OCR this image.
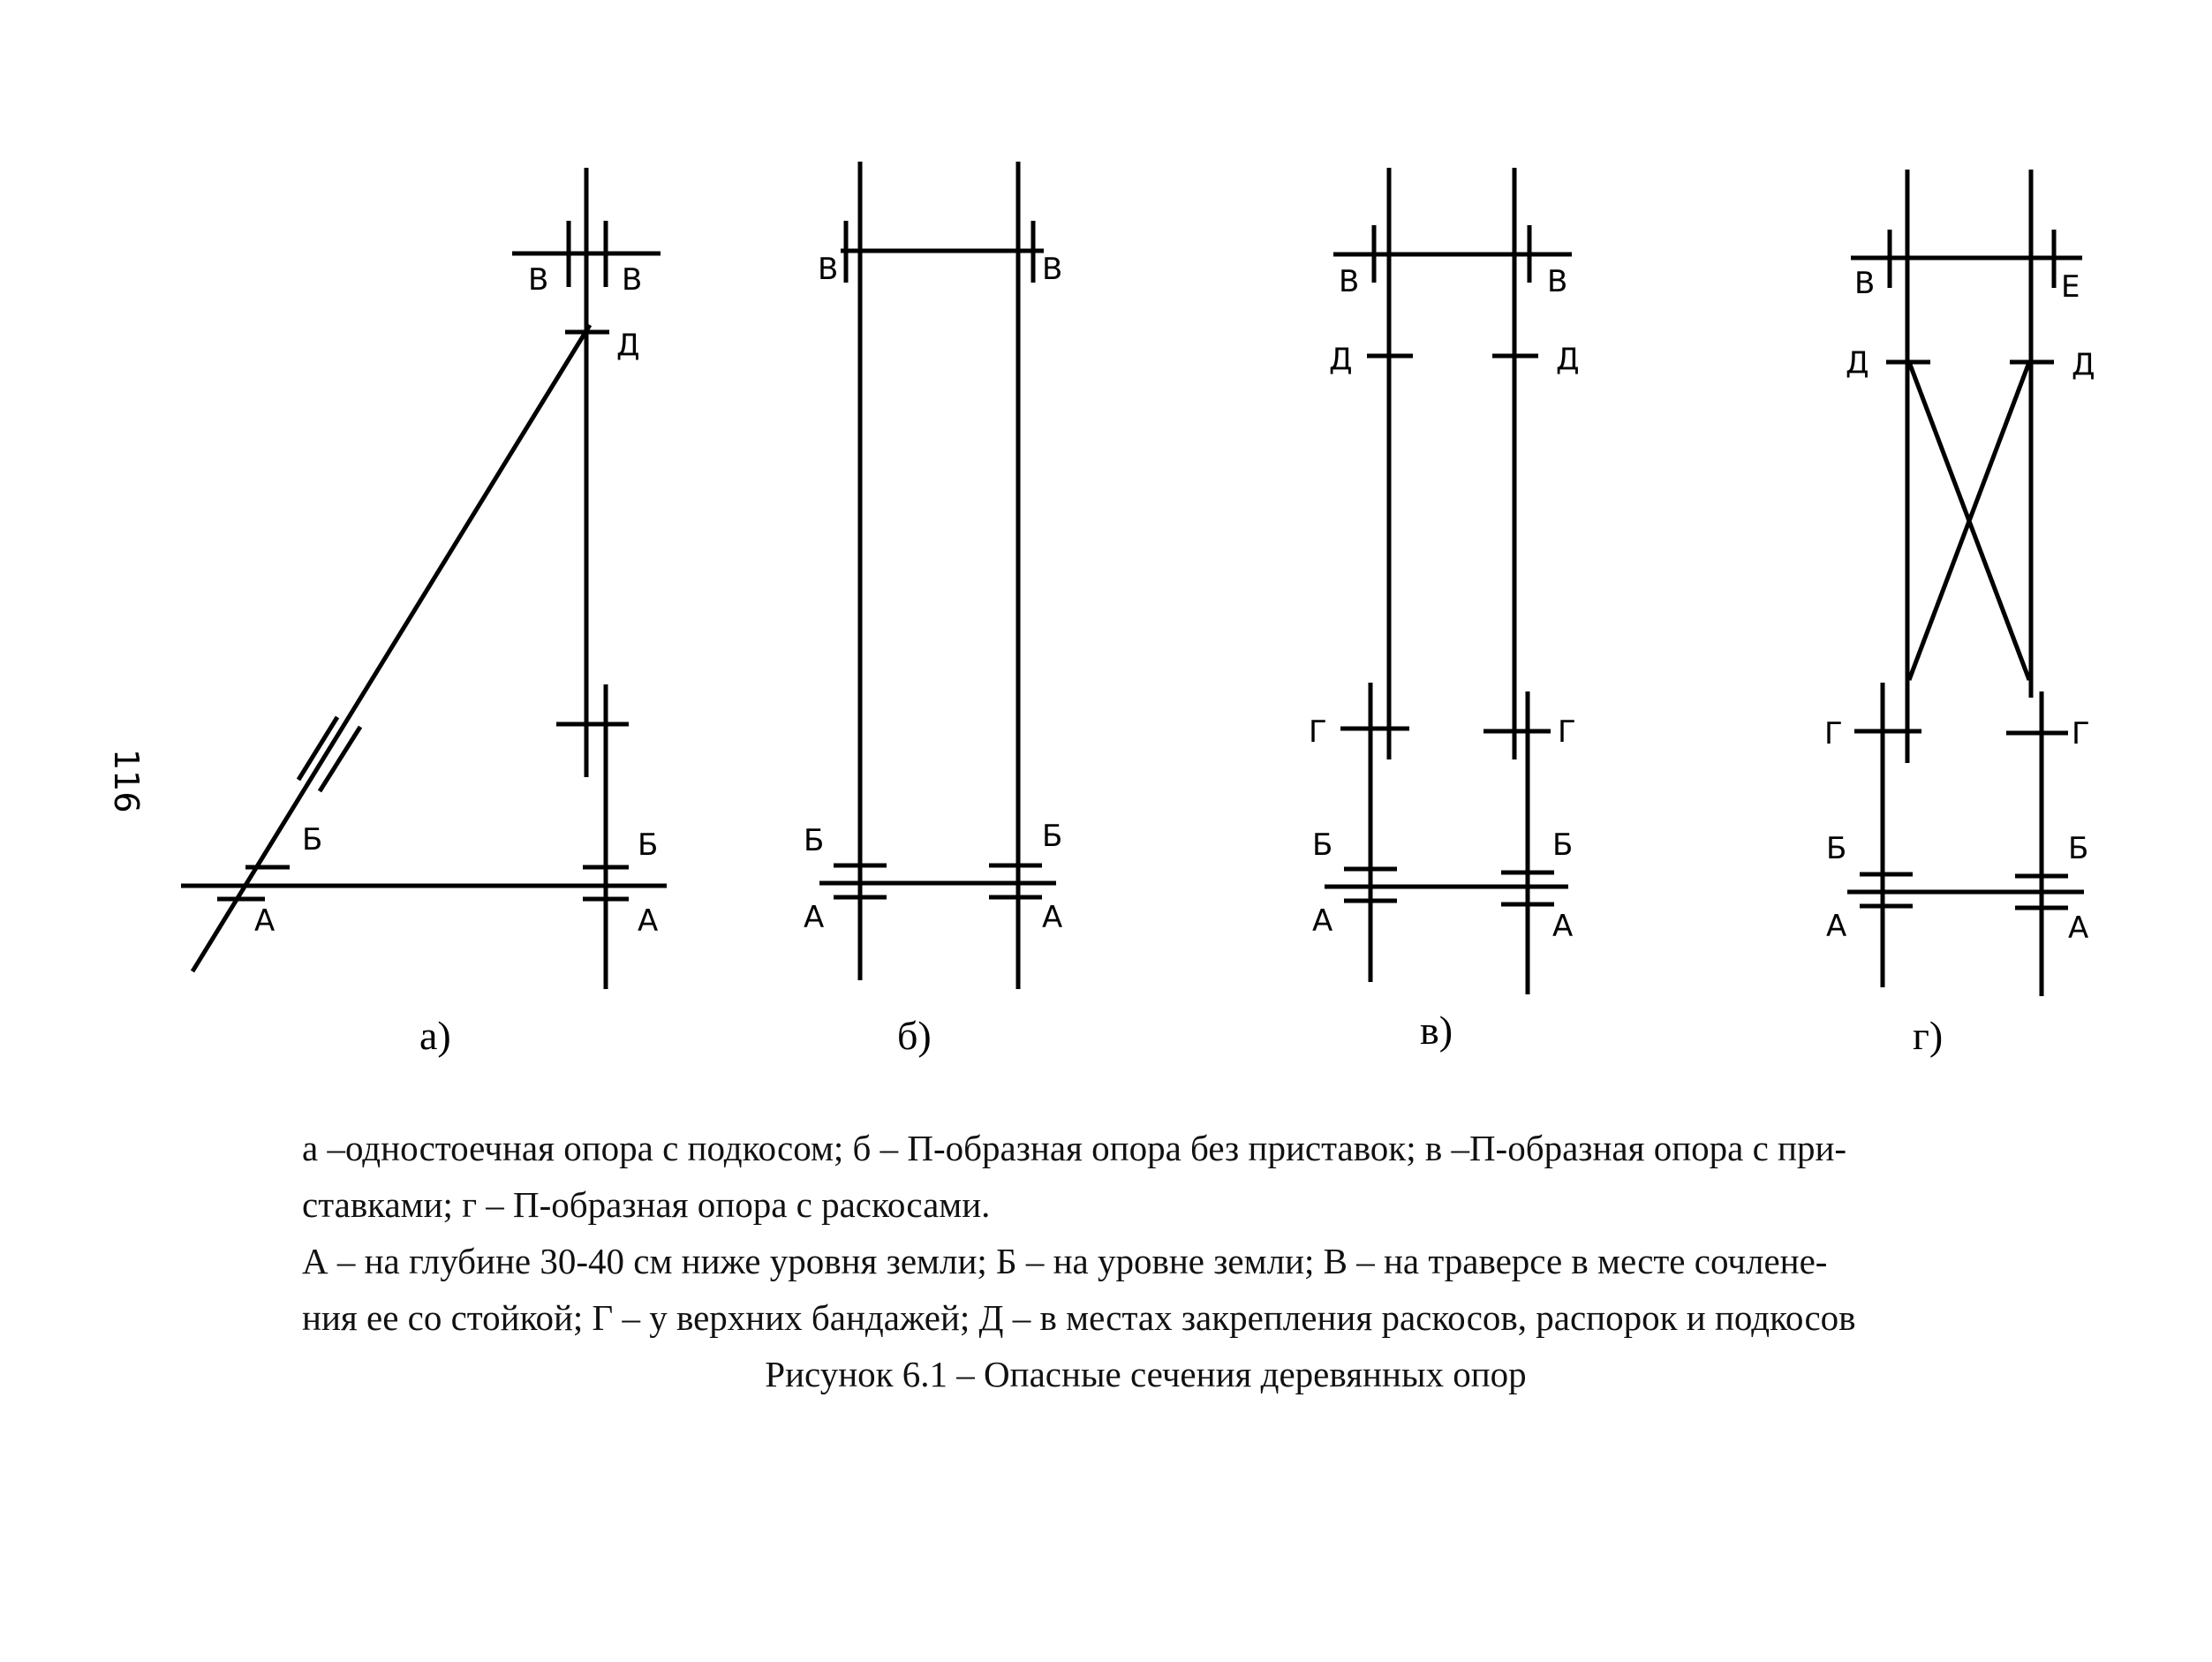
116
В В
Д
Б
А
Б
А
а)
В	В
Б	Б
А	А
б)
В	В
Д	Д
Г	Г
Б	Б
А	А
в)
В	Е
Д	Д
Г	Г
Б	Б
А	А
г)
а –одностоечная опора с подкосом; б – П-образная опора без приставок; в –П-образная опора с при-
ставками; г – П-образная опора с раскосами.
А – на глубине 30-40 см ниже уровня земли; Б – на уровне земли; В – на траверсе в месте сочлене-
ния ее со стойкой; Г – у верхних бандажей; Д – в местах закрепления раскосов, распорок и подкосов
Рисунок 6.1 – Опасные сечения деревянных опор
